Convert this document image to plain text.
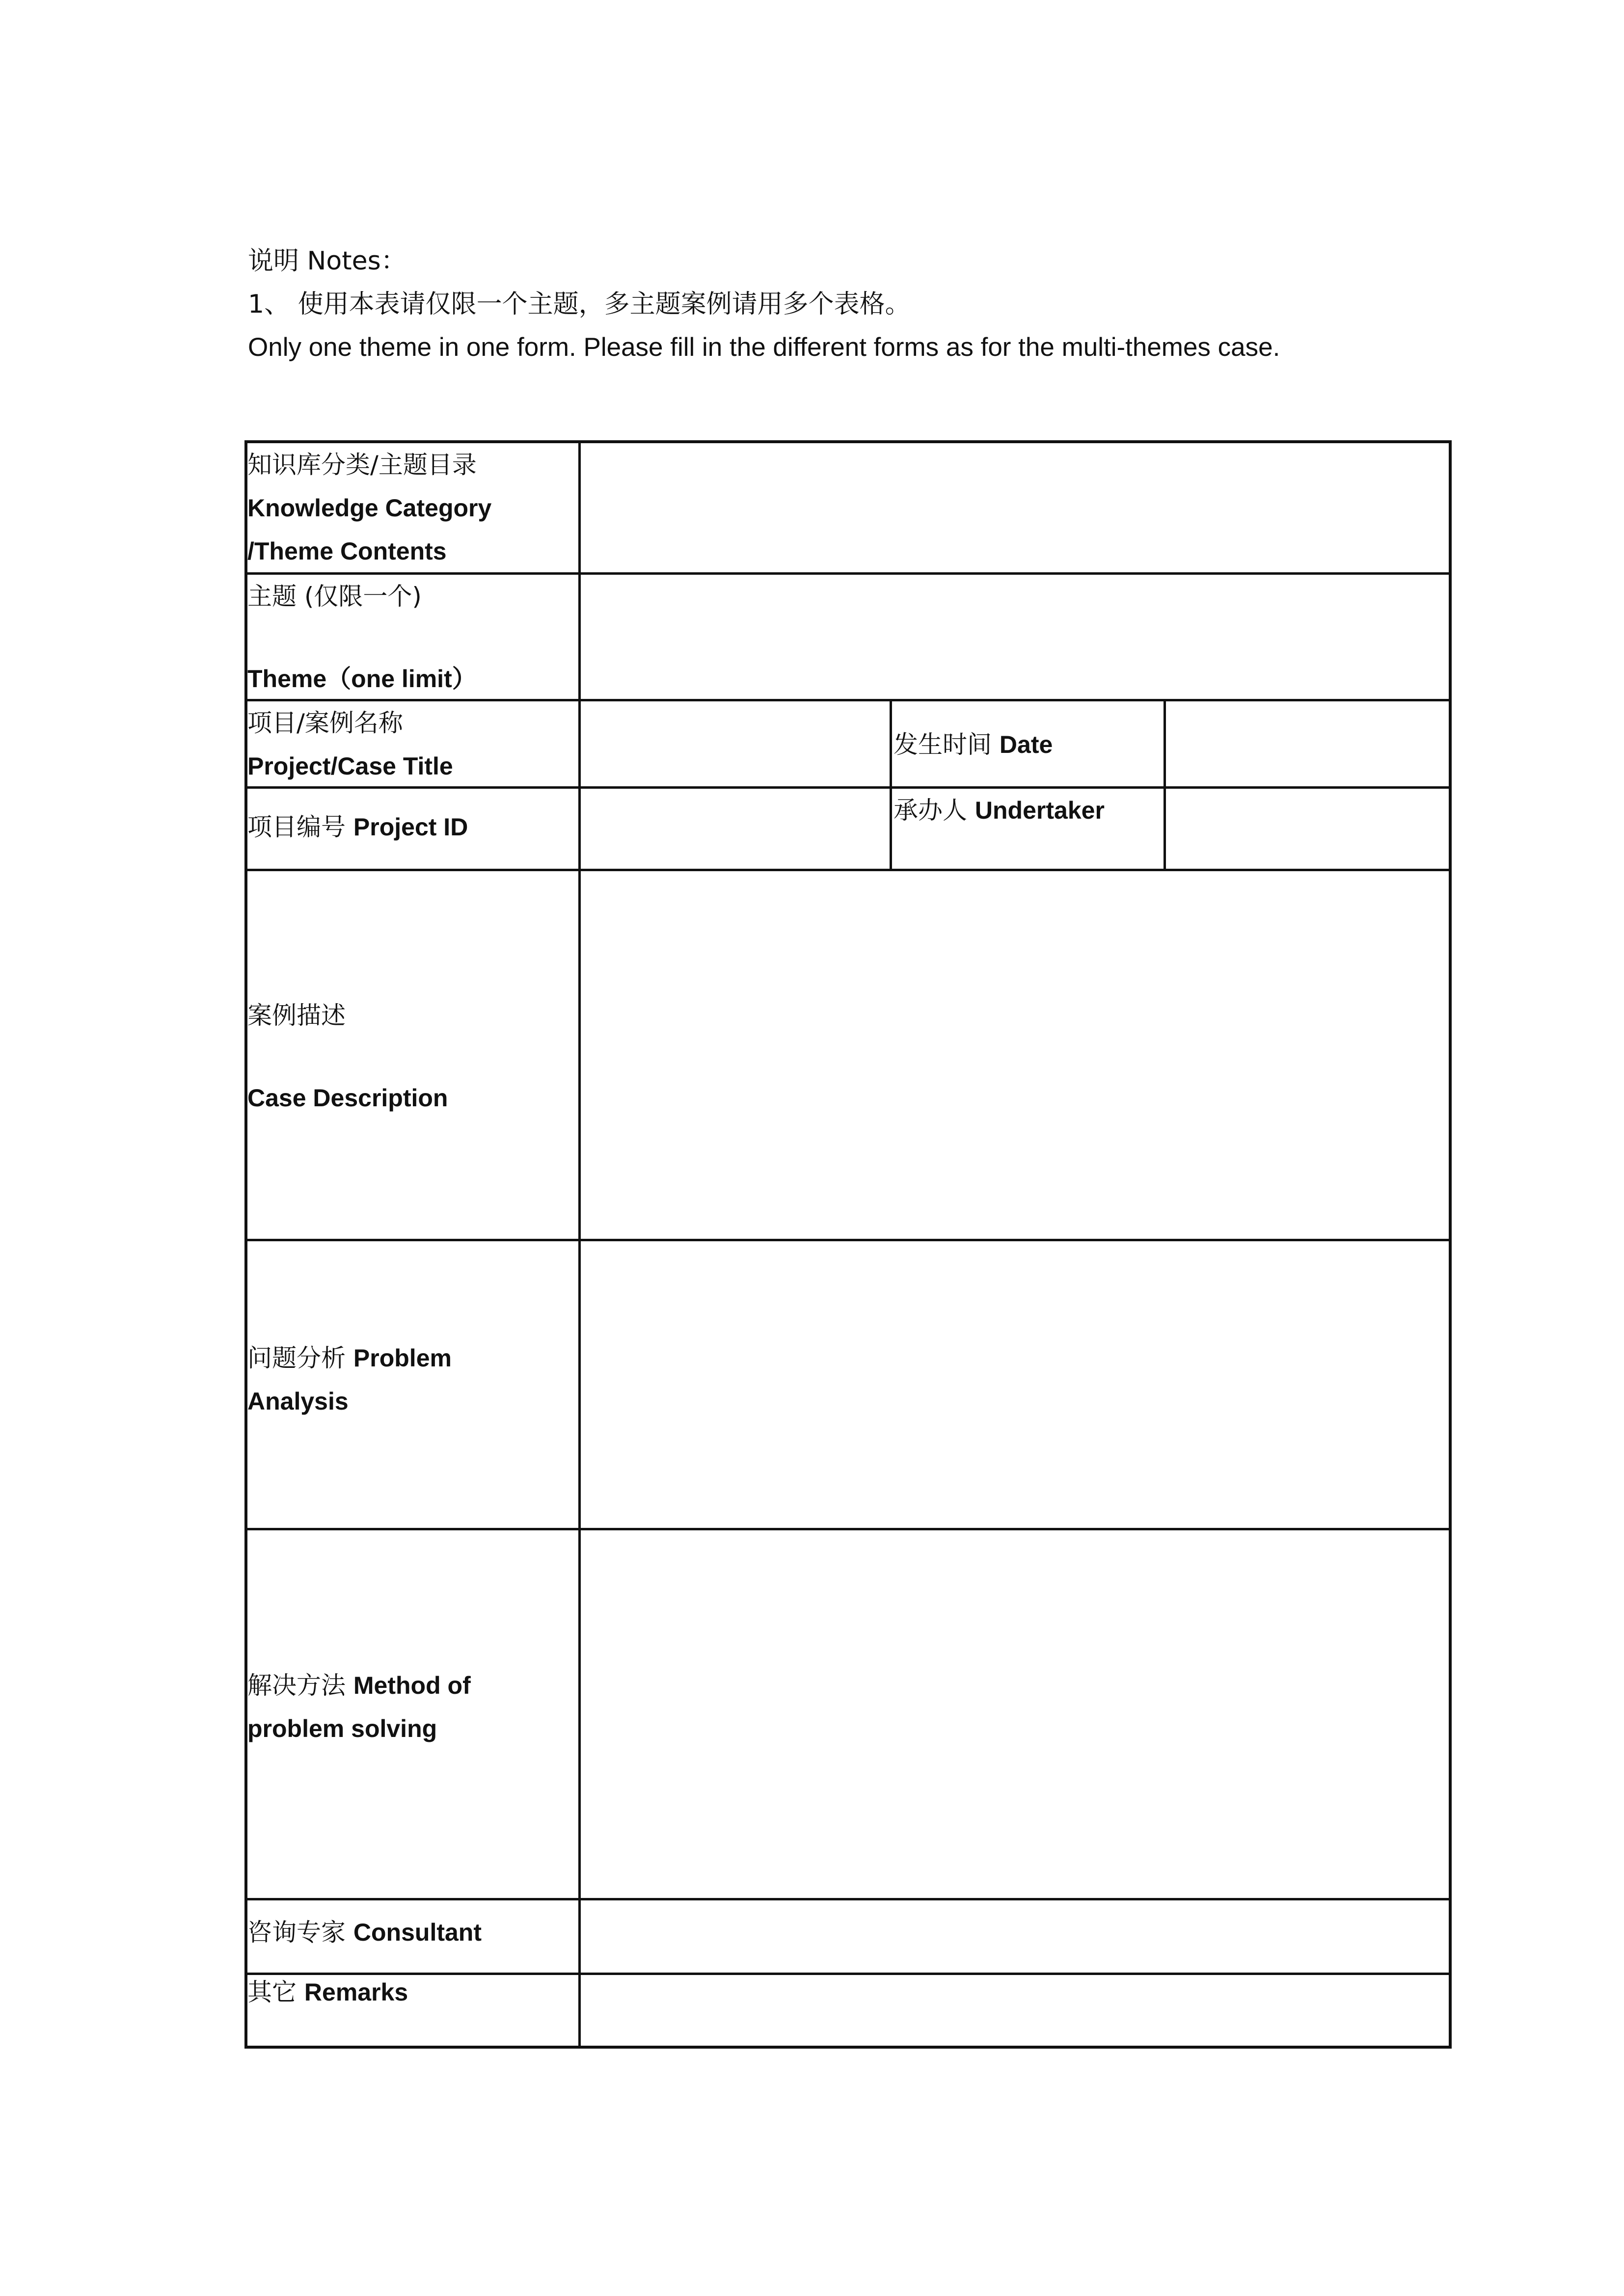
说明 Notes：
1、 使用本表请仅限一个主题，多主题案例请用多个表格。
Only one theme in one form. Please fill in the different forms as for the multi-themes case.
知识库分类/主题目录
Knowledge Category
/Theme Contents
主题 (仅限一个)
Theme（one limit）
项目/案例名称
Project/Case Title
发生时间 Date
项目编号 Project ID
承办人 Undertaker
案例描述
Case Description
问题分析 Problem
Analysis
解决方法 Method of
problem solving
咨询专家 Consultant
其它 Remarks
